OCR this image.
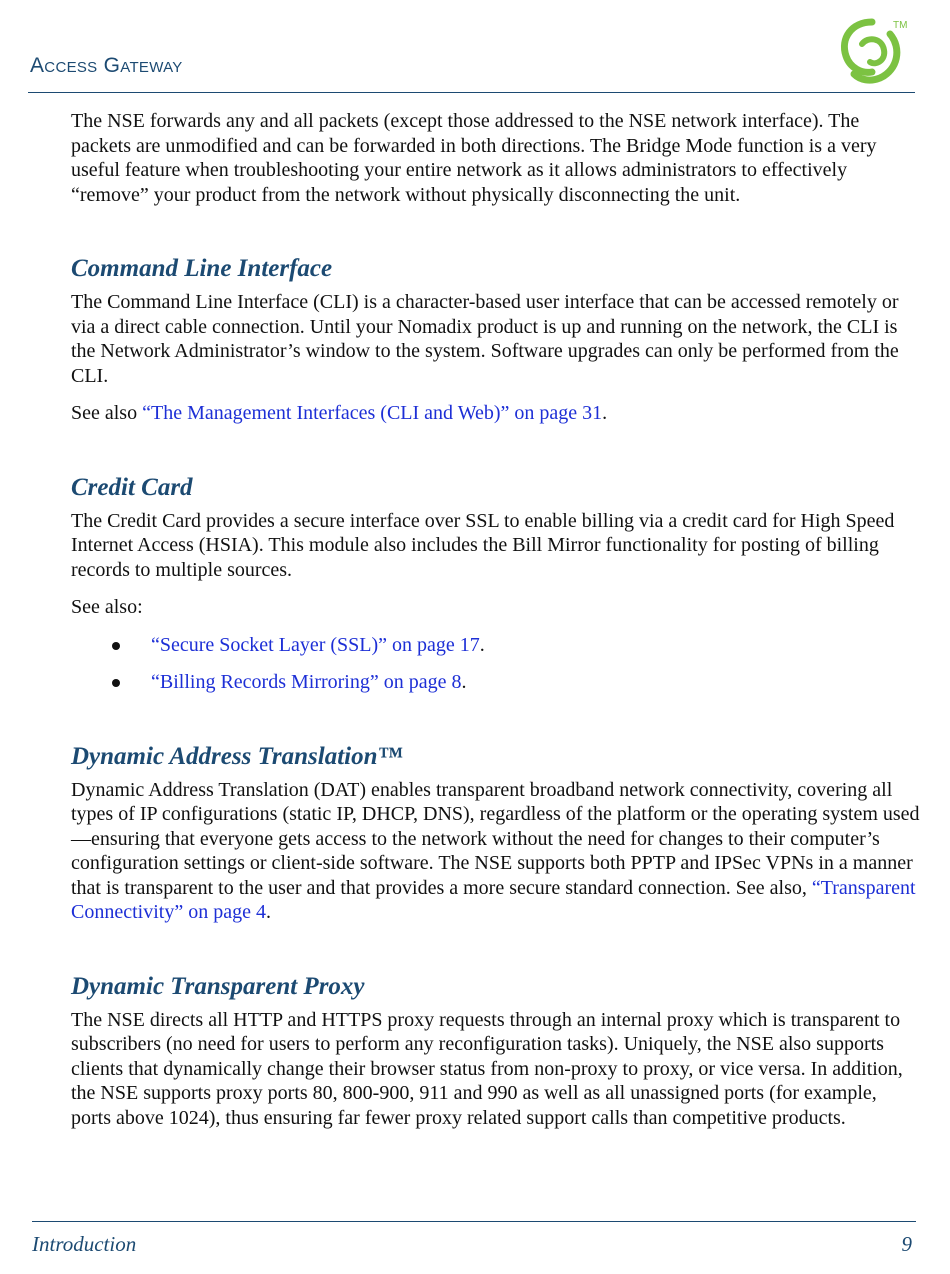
Access Gateway
TM

The NSE forwards any and all packets (except those addressed to the NSE network interface). The packets are unmodified and can be forwarded in both directions. The Bridge Mode function is a very useful feature when troubleshooting your entire network as it allows administrators to effectively “remove” your product from the network without physically disconnecting the unit.

Command Line Interface

The Command Line Interface (CLI) is a character-based user interface that can be accessed remotely or via a direct cable connection. Until your Nomadix product is up and running on the network, the CLI is the Network Administrator’s window to the system. Software upgrades can only be performed from the CLI.

See also “The Management Interfaces (CLI and Web)” on page 31.

Credit Card

The Credit Card provides a secure interface over SSL to enable billing via a credit card for High Speed Internet Access (HSIA). This module also includes the Bill Mirror functionality for posting of billing records to multiple sources.

See also:

“Secure Socket Layer (SSL)” on page 17.
“Billing Records Mirroring” on page 8.
Dynamic Address Translation™

Dynamic Address Translation (DAT) enables transparent broadband network connectivity, covering all types of IP configurations (static IP, DHCP, DNS), regardless of the platform or the operating system used—ensuring that everyone gets access to the network without the need for changes to their computer’s configuration settings or client-side software. The NSE supports both PPTP and IPSec VPNs in a manner that is transparent to the user and that provides a more secure standard connection. See also, “Transparent Connectivity” on page 4.

Dynamic Transparent Proxy

The NSE directs all HTTP and HTTPS proxy requests through an internal proxy which is transparent to subscribers (no need for users to perform any reconfiguration tasks). Uniquely, the NSE also supports clients that dynamically change their browser status from non-proxy to proxy, or vice versa. In addition, the NSE supports proxy ports 80, 800-900, 911 and 990 as well as all unassigned ports (for example, ports above 1024), thus ensuring far fewer proxy related support calls than competitive products.

Introduction	9
